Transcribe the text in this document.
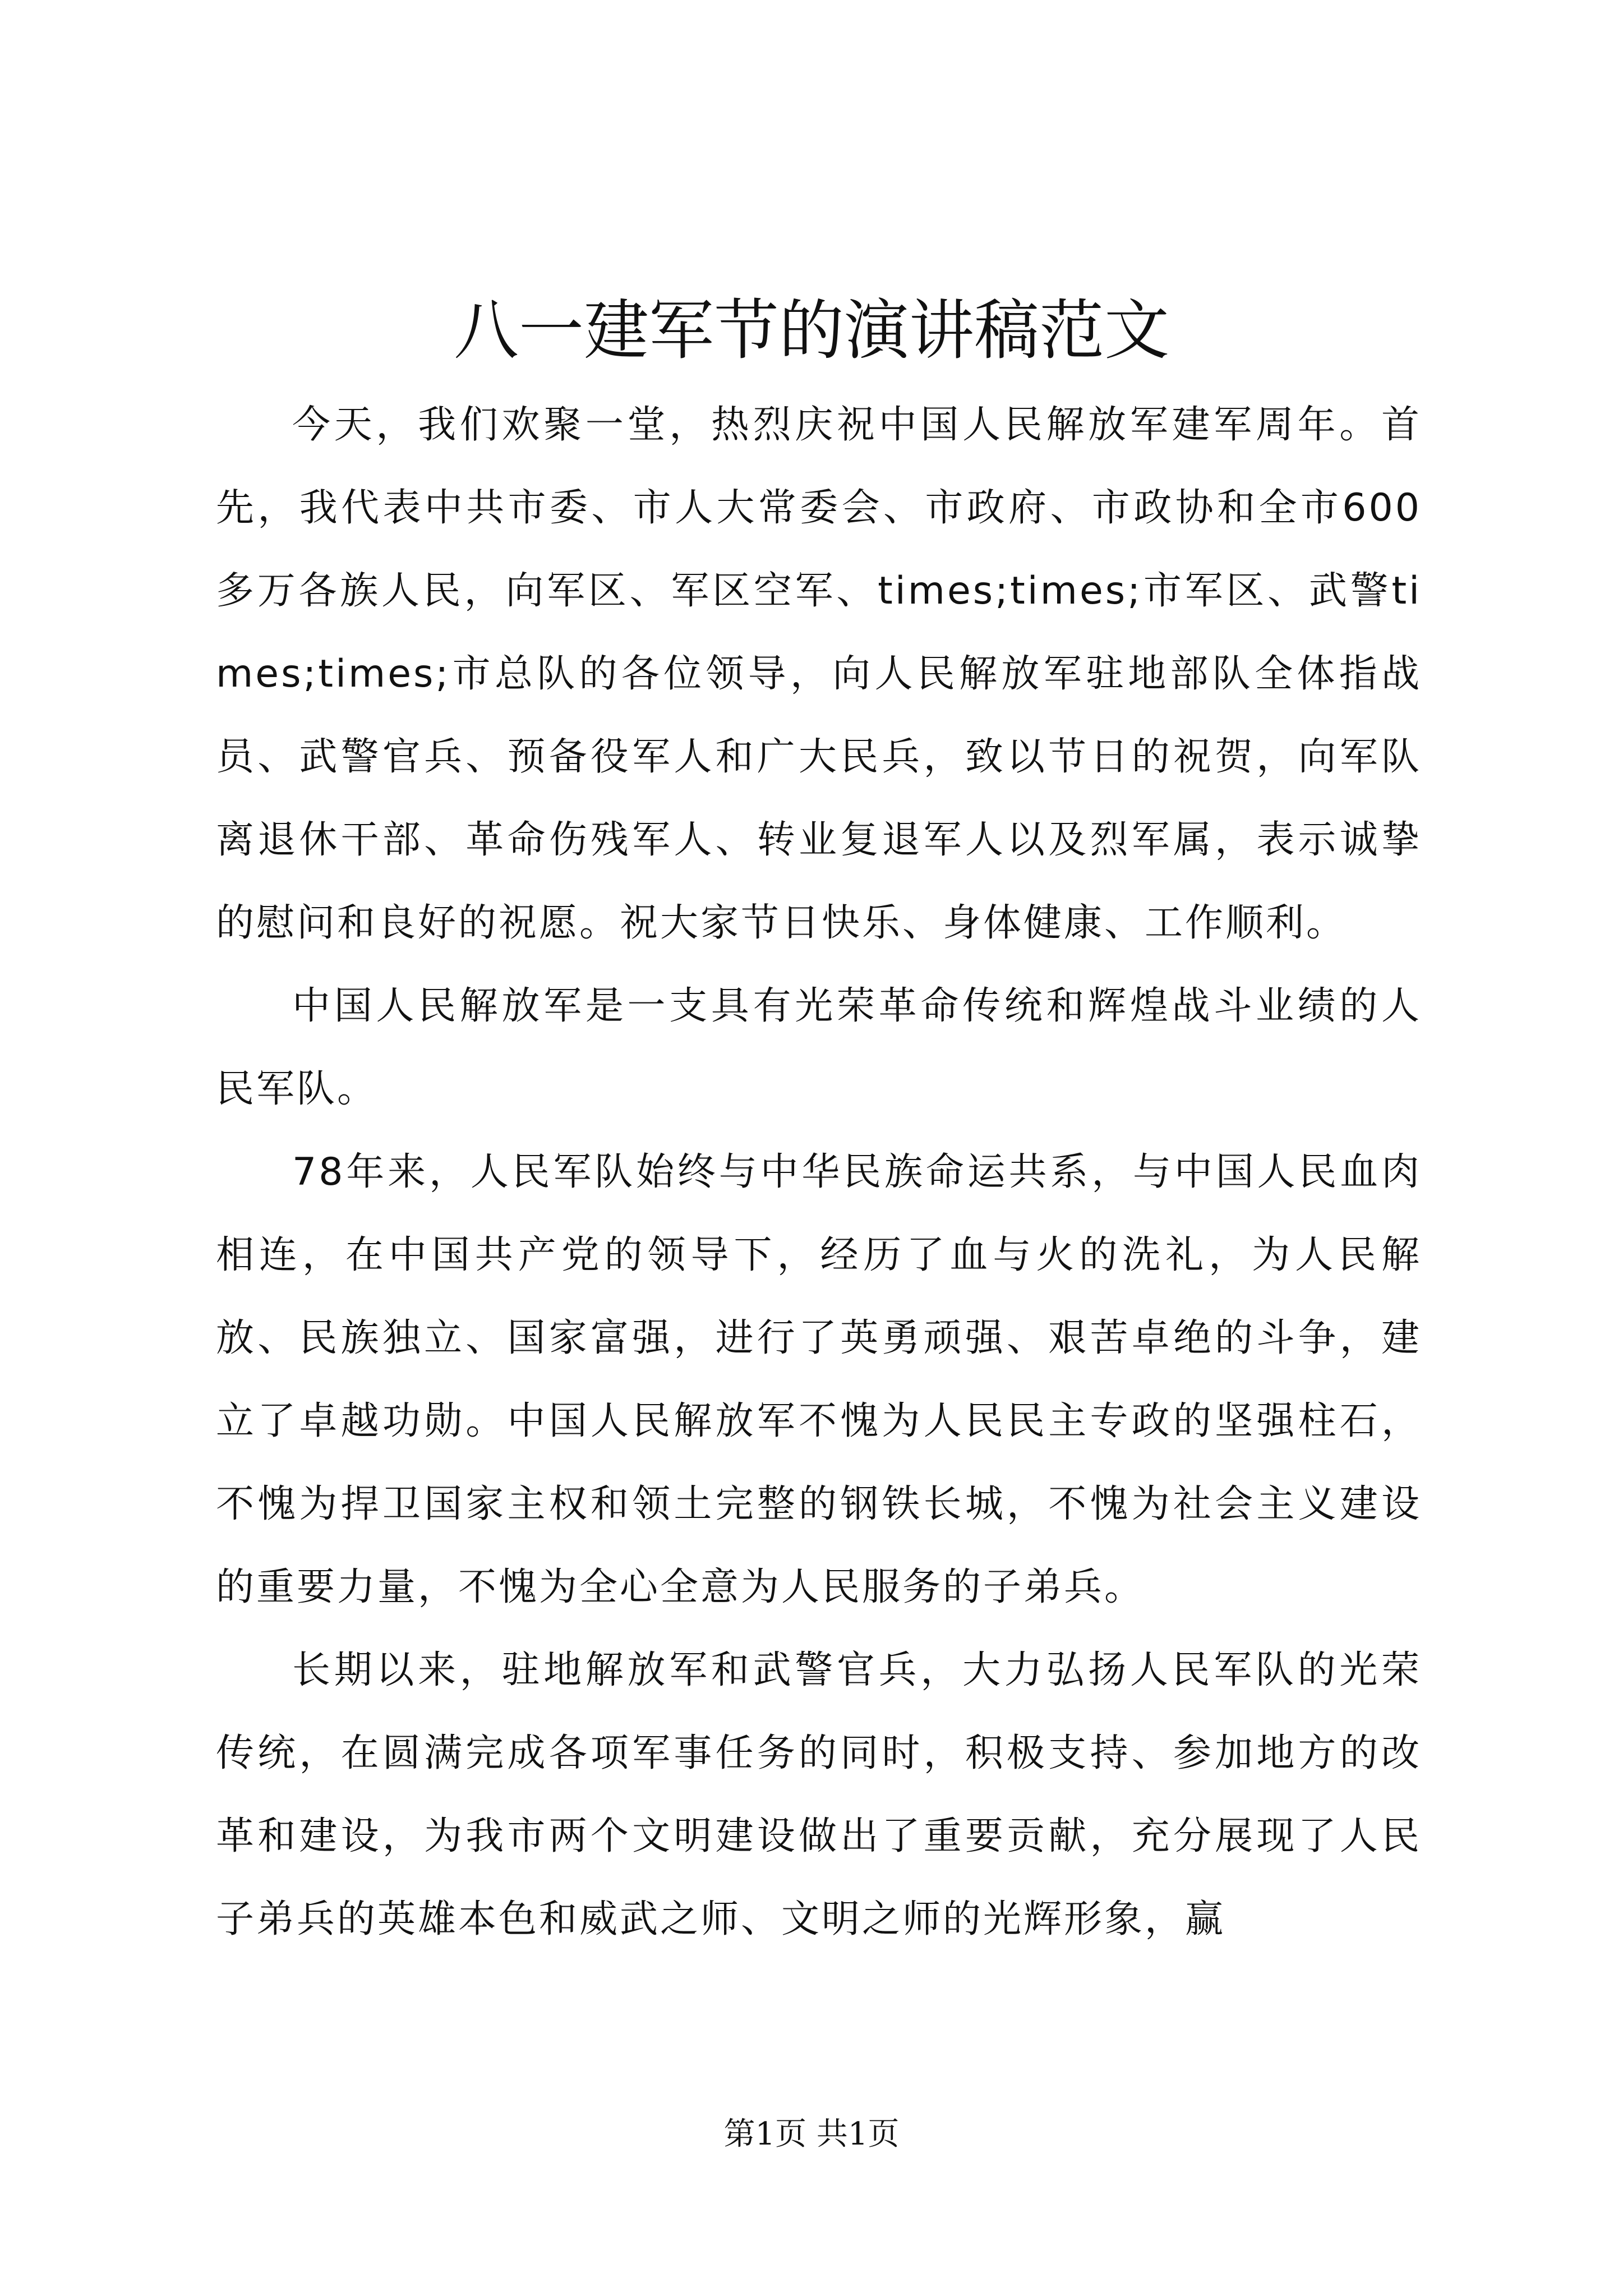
八一建军节的演讲稿范文

今天，我们欢聚一堂，热烈庆祝中国人民解放军建军周年。首先，我代表中共市委、市人大常委会、市政府、市政协和全市600多万各族人民，向军区、军区空军、times;times;市军区、武警times;times;市总队的各位领导，向人民解放军驻地部队全体指战员、武警官兵、预备役军人和广大民兵，致以节日的祝贺，向军队离退休干部、革命伤残军人、转业复退军人以及烈军属，表示诚挚的慰问和良好的祝愿。祝大家节日快乐、身体健康、工作顺利。

中国人民解放军是一支具有光荣革命传统和辉煌战斗业绩的人民军队。

78年来，人民军队始终与中华民族命运共系，与中国人民血肉相连，在中国共产党的领导下，经历了血与火的洗礼，为人民解放、民族独立、国家富强，进行了英勇顽强、艰苦卓绝的斗争，建立了卓越功勋。中国人民解放军不愧为人民民主专政的坚强柱石，不愧为捍卫国家主权和领土完整的钢铁长城，不愧为社会主义建设的重要力量，不愧为全心全意为人民服务的子弟兵。

长期以来，驻地解放军和武警官兵，大力弘扬人民军队的光荣传统，在圆满完成各项军事任务的同时，积极支持、参加地方的改革和建设，为我市两个文明建设做出了重要贡献，充分展现了人民子弟兵的英雄本色和威武之师、文明之师的光辉形象，赢

第1页 共1页
